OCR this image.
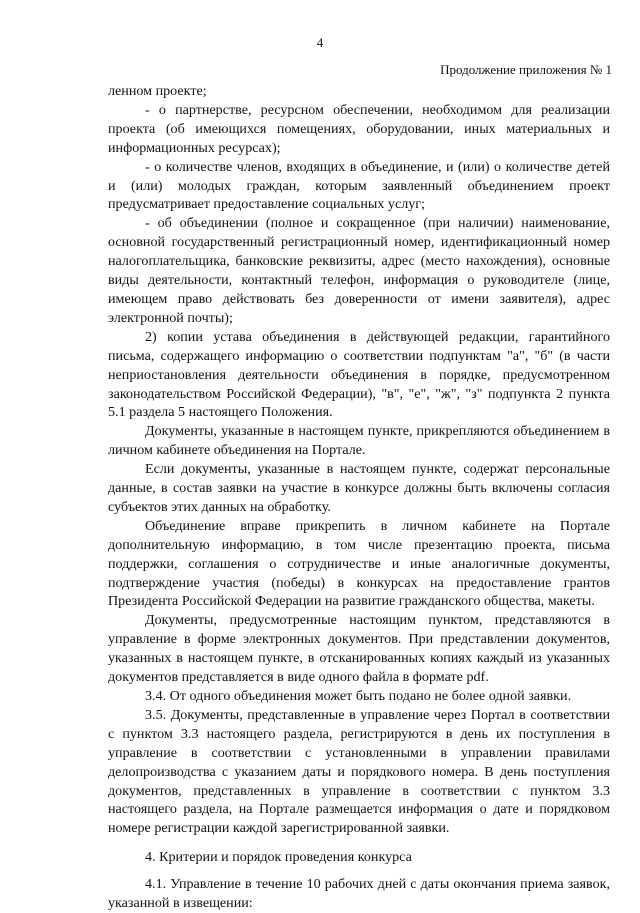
4
Продолжение приложения № 1

ленном проекте;

- о партнерстве, ресурсном обеспечении, необходимом для реализации проекта (об имеющихся помещениях, оборудовании, иных материальных и информационных ресурсах);

- о количестве членов, входящих в объединение, и (или) о количестве детей и (или) молодых граждан, которым заявленный объединением проект предусматривает предоставление социальных услуг;

- об объединении (полное и сокращенное (при наличии) наименование, основной государственный регистрационный номер, идентификационный номер налогоплательщика, банковские реквизиты, адрес (место нахождения), основные виды деятельности, контактный телефон, информация о руководителе (лице, имеющем право действовать без доверенности от имени заявителя), адрес электронной почты);

2) копии устава объединения в действующей редакции, гарантийного письма, содержащего информацию о соответствии подпунктам "а", "б" (в части неприостановления деятельности объединения в порядке, предусмотренном законодательством Российской Федерации), "в", "е", "ж", "з" подпункта 2 пункта 5.1 раздела 5 настоящего Положения.

Документы, указанные в настоящем пункте, прикрепляются объединением в личном кабинете объединения на Портале.

Если документы, указанные в настоящем пункте, содержат персональные данные, в состав заявки на участие в конкурсе должны быть включены согласия субъектов этих данных на обработку.

Объединение вправе прикрепить в личном кабинете на Портале дополнительную информацию, в том числе презентацию проекта, письма поддержки, соглашения о сотрудничестве и иные аналогичные документы, подтверждение участия (победы) в конкурсах на предоставление грантов Президента Российской Федерации на развитие гражданского общества, макеты.

Документы, предусмотренные настоящим пунктом, представляются в управление в форме электронных документов. При представлении документов, указанных в настоящем пункте, в отсканированных копиях каждый из указанных документов представляется в виде одного файла в формате pdf.

3.4. От одного объединения может быть подано не более одной заявки.

3.5. Документы, представленные в управление через Портал в соответствии с пунктом 3.3 настоящего раздела, регистрируются в день их поступления в управление в соответствии с установленными в управлении правилами делопроизводства с указанием даты и порядкового номера. В день поступления документов, представленных в управление в соответствии с пунктом 3.3 настоящего раздела, на Портале размещается информация о дате и порядковом номере регистрации каждой зарегистрированной заявки.

4. Критерии и порядок проведения конкурса

4.1. Управление в течение 10 рабочих дней с даты окончания приема заявок, указанной в извещении:
